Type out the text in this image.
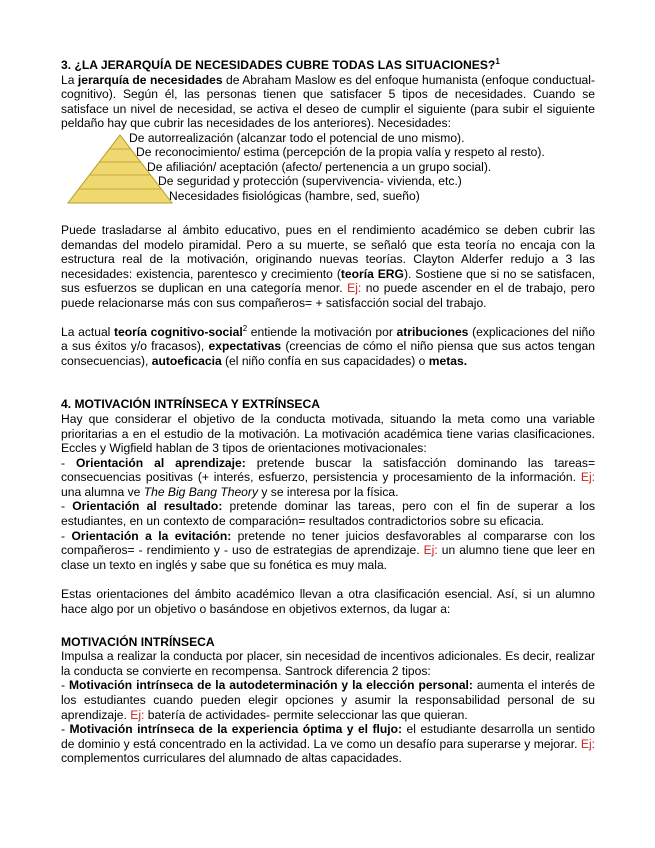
3. ¿LA JERARQUÍA DE NECESIDADES CUBRE TODAS LAS SITUACIONES?$^1$

La jerarquía de necesidades de Abraham Maslow es del enfoque humanista (enfoque conductual-cognitivo). Según él, las personas tienen que satisfacer 5 tipos de necesidades. Cuando se satisface un nivel de necesidad, se activa el deseo de cumplir el siguiente (para subir el siguiente peldaño hay que cubrir las necesidades de los anteriores). Necesidades:

De autorrealización (alcanzar todo el potencial de uno mismo).
De reconocimiento/ estima (percepción de la propia valía y respeto al resto).
De afiliación/ aceptación (afecto/ pertenencia a un grupo social).
De seguridad y protección (supervivencia- vivienda, etc.)
Necesidades fisiológicas (hambre, sed, sueño)

Puede trasladarse al ámbito educativo, pues en el rendimiento académico se deben cubrir las demandas del modelo piramidal. Pero a su muerte, se señaló que esta teoría no encaja con la estructura real de la motivación, originando nuevas teorías. Clayton Alderfer redujo a 3 las necesidades: existencia, parentesco y crecimiento (teoría ERG). Sostiene que si no se satisfacen, sus esfuerzos se duplican en una categoría menor. Ej: no puede ascender en el de trabajo, pero puede relacionarse más con sus compañeros= + satisfacción social del trabajo.

La actual teoría cognitivo-social$^2$ entiende la motivación por atribuciones (explicaciones del niño a sus éxitos y/o fracasos), expectativas (creencias de cómo el niño piensa que sus actos tengan consecuencias), autoeficacia (el niño confía en sus capacidades) o metas.

4. MOTIVACIÓN INTRÍNSECA Y EXTRÍNSECA

Hay que considerar el objetivo de la conducta motivada, situando la meta como una variable prioritarias a en el estudio de la motivación. La motivación académica tiene varias clasificaciones. Eccles y Wigfield hablan de 3 tipos de orientaciones motivacionales:

- Orientación al aprendizaje: pretende buscar la satisfacción dominando las tareas= consecuencias positivas (+ interés, esfuerzo, persistencia y procesamiento de la información. Ej: una alumna ve The Big Bang Theory y se interesa por la física.

- Orientación al resultado: pretende dominar las tareas, pero con el fin de superar a los estudiantes, en un contexto de comparación= resultados contradictorios sobre su eficacia.

- Orientación a la evitación: pretende no tener juicios desfavorables al compararse con los compañeros= - rendimiento y - uso de estrategias de aprendizaje. Ej: un alumno tiene que leer en clase un texto en inglés y sabe que su fonética es muy mala.

Estas orientaciones del ámbito académico llevan a otra clasificación esencial. Así, si un alumno hace algo por un objetivo o basándose en objetivos externos, da lugar a:

MOTIVACIÓN INTRÍNSECA

Impulsa a realizar la conducta por placer, sin necesidad de incentivos adicionales. Es decir, realizar la conducta se convierte en recompensa. Santrock diferencia 2 tipos:

- Motivación intrínseca de la autodeterminación y la elección personal: aumenta el interés de los estudiantes cuando pueden elegir opciones y asumir la responsabilidad personal de su aprendizaje. Ej: batería de actividades- permite seleccionar las que quieran.

- Motivación intrínseca de la experiencia óptima y el flujo: el estudiante desarrolla un sentido de dominio y está concentrado en la actividad. La ve como un desafío para superarse y mejorar. Ej: complementos curriculares del alumnado de altas capacidades.
